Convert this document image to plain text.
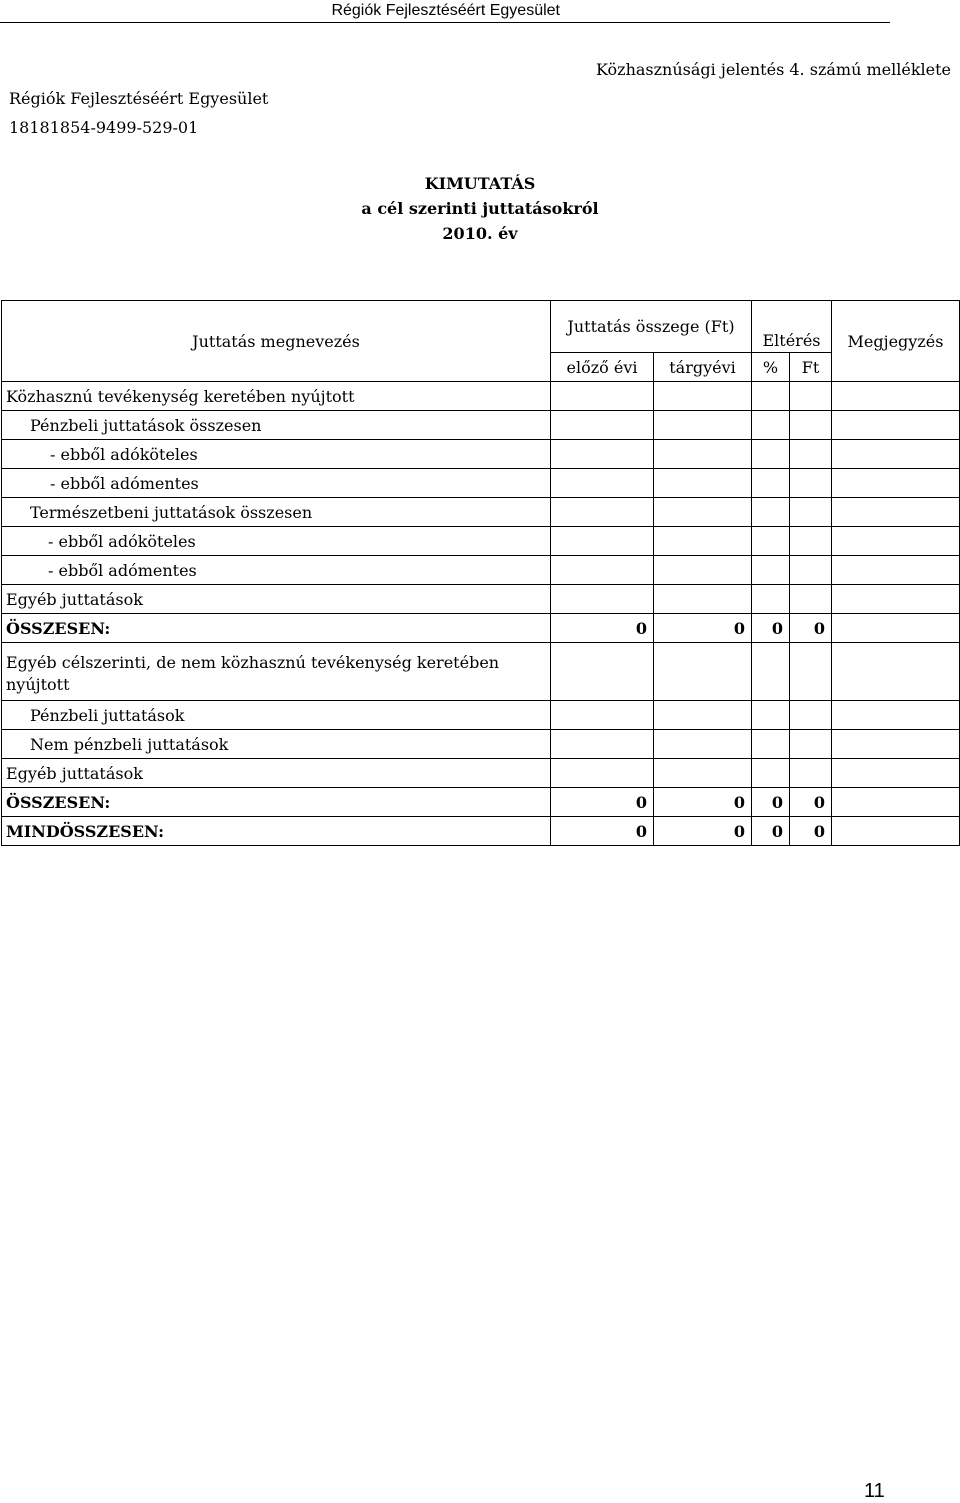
Régiók Fejlesztéséért Egyesület
Közhasznúsági jelentés 4. számú melléklete
Régiók Fejlesztéséért Egyesület
18181854-9499-529-01
KIMUTATÁS
a cél szerinti juttatásokról
2010. év
Juttatás megnevezés	Juttatás összege (Ft)		Eltérés		Megjegyzés
	előző évi	tárgyévi	%	Ft	
Közhasznú tevékenység keretében nyújtott					
Pénzbeli juttatások összesen					
- ebből adóköteles					
- ebből adómentes					
Természetbeni juttatások összesen					
- ebből adóköteles					
- ebből adómentes					
Egyéb juttatások					
ÖSSZESEN:	0	0	0	0	
Egyéb célszerinti, de nem közhasznú tevékenység keretében nyújtott					
Pénzbeli juttatások					
Nem pénzbeli juttatások					
Egyéb juttatások					
ÖSSZESEN:	0	0	0	0	
MINDÖSSZESEN:	0	0	0	0	
11
